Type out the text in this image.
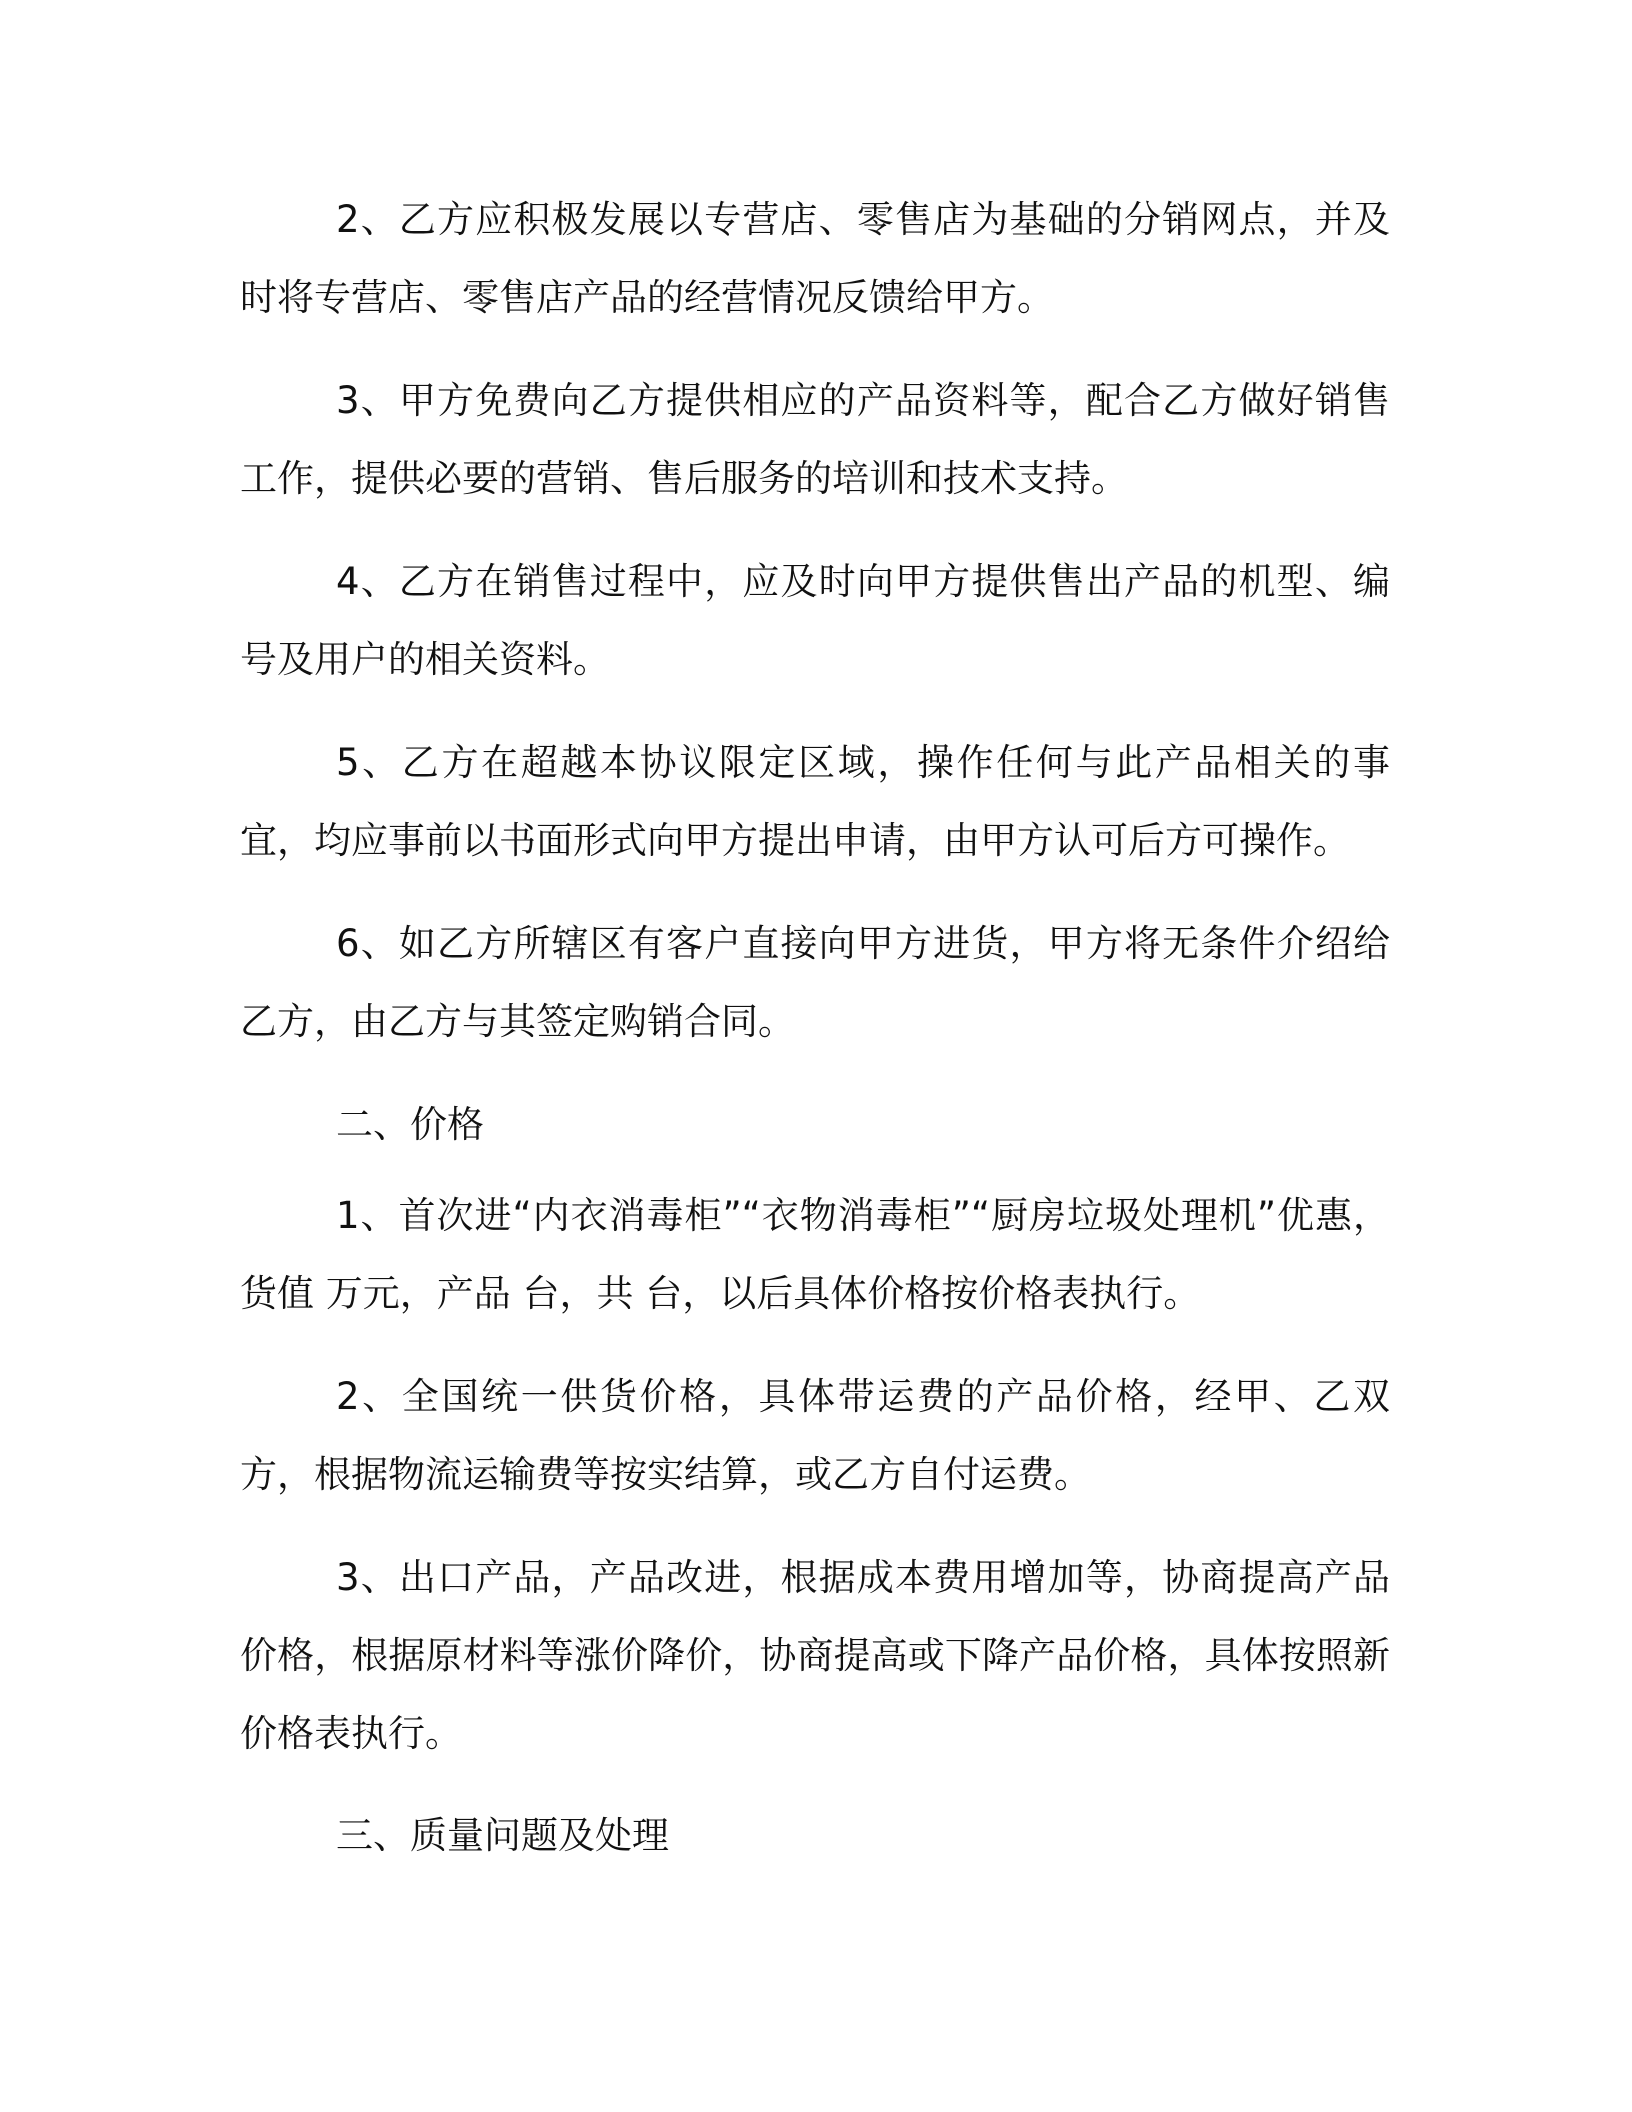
2、乙方应积极发展以专营店、零售店为基础的分销网点，并及时将专营店、零售店产品的经营情况反馈给甲方。

3、甲方免费向乙方提供相应的产品资料等，配合乙方做好销售工作，提供必要的营销、售后服务的培训和技术支持。

4、乙方在销售过程中，应及时向甲方提供售出产品的机型、编号及用户的相关资料。

5、乙方在超越本协议限定区域，操作任何与此产品相关的事宜，均应事前以书面形式向甲方提出申请，由甲方认可后方可操作。

6、如乙方所辖区有客户直接向甲方进货，甲方将无条件介绍给乙方，由乙方与其签定购销合同。

二、价格

1、首次进“内衣消毒柜”“衣物消毒柜”“厨房垃圾处理机”优惠，货值 万元，产品 台，共 台，以后具体价格按价格表执行。

2、全国统一供货价格，具体带运费的产品价格，经甲、乙双方，根据物流运输费等按实结算，或乙方自付运费。

3、出口产品，产品改进，根据成本费用增加等，协商提高产品价格，根据原材料等涨价降价，协商提高或下降产品价格，具体按照新价格表执行。

三、质量问题及处理
